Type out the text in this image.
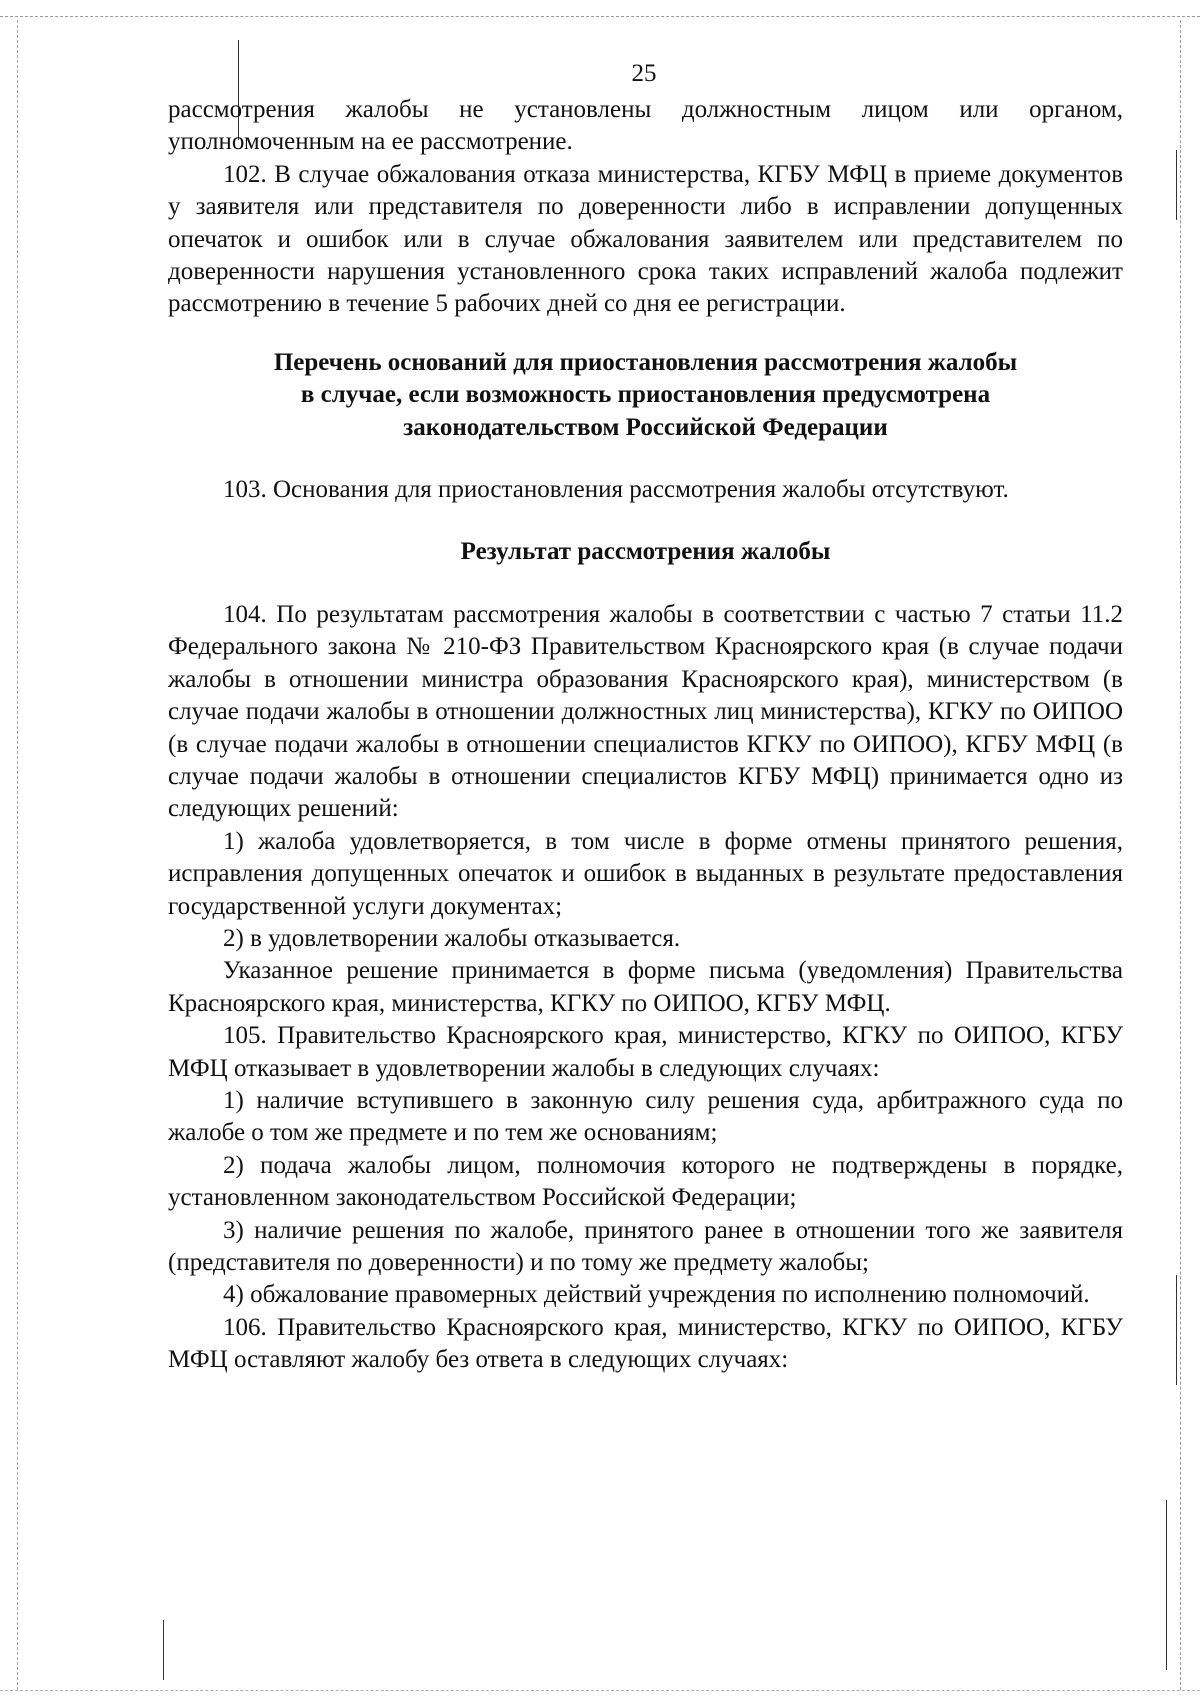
25

рассмотрения жалобы не установлены должностным лицом или органом, уполномоченным на ее рассмотрение.

102. В случае обжалования отказа министерства, КГБУ МФЦ в приеме документов у заявителя или представителя по доверенности либо в исправлении допущенных опечаток и ошибок или в случае обжалования заявителем или представителем по доверенности нарушения установленного срока таких исправлений жалоба подлежит рассмотрению в течение 5 рабочих дней со дня ее регистрации.

Перечень оснований для приостановления рассмотрения жалобы

в случае, если возможность приостановления предусмотрена

законодательством Российской Федерации

103. Основания для приостановления рассмотрения жалобы отсутствуют.

Результат рассмотрения жалобы

104. По результатам рассмотрения жалобы в соответствии с частью 7 статьи 11.2 Федерального закона № 210-ФЗ Правительством Красноярского края (в случае подачи жалобы в отношении министра образования Красноярского края), министерством (в случае подачи жалобы в отношении должностных лиц министерства), КГКУ по ОИПОО (в случае подачи жалобы в отношении специалистов КГКУ по ОИПОО), КГБУ МФЦ (в случае подачи жалобы в отношении специалистов КГБУ МФЦ) принимается одно из следующих решений:

1) жалоба удовлетворяется, в том числе в форме отмены принятого решения, исправления допущенных опечаток и ошибок в выданных в результате предоставления государственной услуги документах;

2) в удовлетворении жалобы отказывается.

Указанное решение принимается в форме письма (уведомления) Правительства Красноярского края, министерства, КГКУ по ОИПОО, КГБУ МФЦ.

105. Правительство Красноярского края, министерство, КГКУ по ОИПОО, КГБУ МФЦ отказывает в удовлетворении жалобы в следующих случаях:

1) наличие вступившего в законную силу решения суда, арбитражного суда по жалобе о том же предмете и по тем же основаниям;

2) подача жалобы лицом, полномочия которого не подтверждены в порядке, установленном законодательством Российской Федерации;

3) наличие решения по жалобе, принятого ранее в отношении того же заявителя (представителя по доверенности) и по тому же предмету жалобы;

4) обжалование правомерных действий учреждения по исполнению полномочий.

106. Правительство Красноярского края, министерство, КГКУ по ОИПОО, КГБУ МФЦ оставляют жалобу без ответа в следующих случаях:
